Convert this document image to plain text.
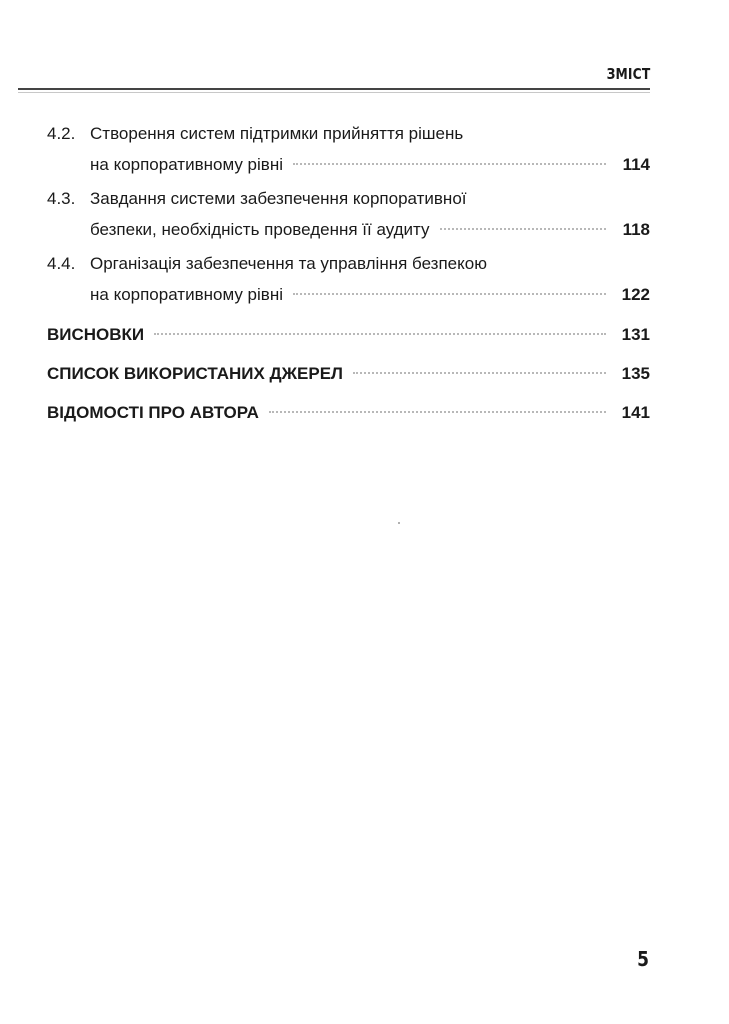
ЗМІСТ
4.2. Створення систем підтримки прийняття рішень
на корпоративному рівні	114
4.3. Завдання системи забезпечення корпоративної
безпеки, необхідність проведення її аудиту	118
4.4. Організація забезпечення та управління безпекою
на корпоративному рівні	122
ВИСНОВКИ	131
СПИСОК ВИКОРИСТАНИХ ДЖЕРЕЛ	135
ВІДОМОСТІ ПРО АВТОРА	141
5
